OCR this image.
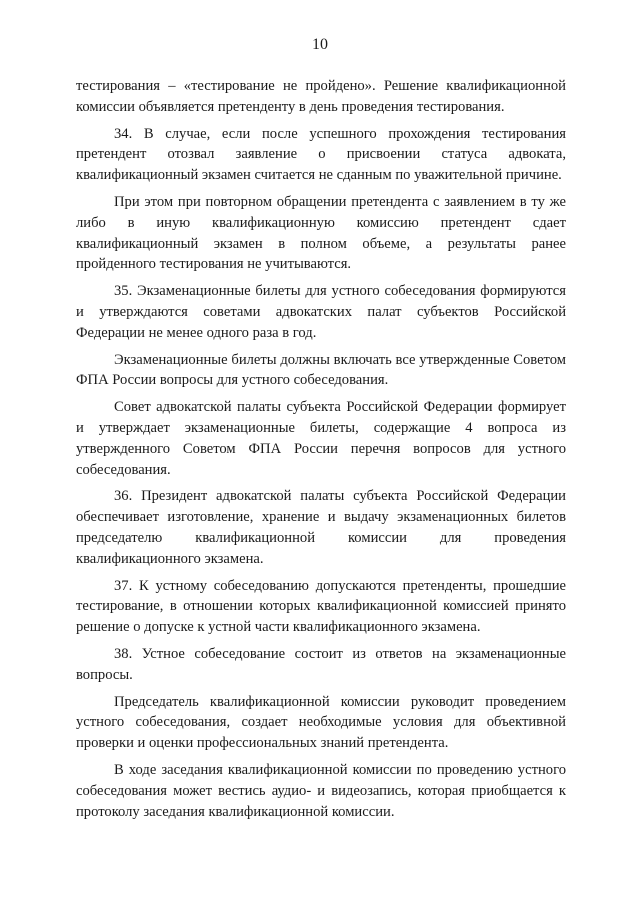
10

тестирования – «тестирование не пройдено». Решение квалификационной комиссии объявляется претенденту в день проведения тестирования.

34. В случае, если после успешного прохождения тестирования претендент отозвал заявление о присвоении статуса адвоката, квалификационный экзамен считается не сданным по уважительной причине.

При этом при повторном обращении претендента с заявлением в ту же либо в иную квалификационную комиссию претендент сдает квалификационный экзамен в полном объеме, а результаты ранее пройденного тестирования не учитываются.

35. Экзаменационные билеты для устного собеседования формируются и утверждаются советами адвокатских палат субъектов Российской Федерации не менее одного раза в год.

Экзаменационные билеты должны включать все утвержденные Советом ФПА России вопросы для устного собеседования.

Совет адвокатской палаты субъекта Российской Федерации формирует и утверждает экзаменационные билеты, содержащие 4 вопроса из утвержденного Советом ФПА России перечня вопросов для устного собеседования.

36. Президент адвокатской палаты субъекта Российской Федерации обеспечивает изготовление, хранение и выдачу экзаменационных билетов председателю квалификационной комиссии для проведения квалификационного экзамена.

37. К устному собеседованию допускаются претенденты, прошедшие тестирование, в отношении которых квалификационной комиссией принято решение о допуске к устной части квалификационного экзамена.

38. Устное собеседование состоит из ответов на экзаменационные вопросы.

Председатель квалификационной комиссии руководит проведением устного собеседования, создает необходимые условия для объективной проверки и оценки профессиональных знаний претендента.

В ходе заседания квалификационной комиссии по проведению устного собеседования может вестись аудио- и видеозапись, которая приобщается к протоколу заседания квалификационной комиссии.
